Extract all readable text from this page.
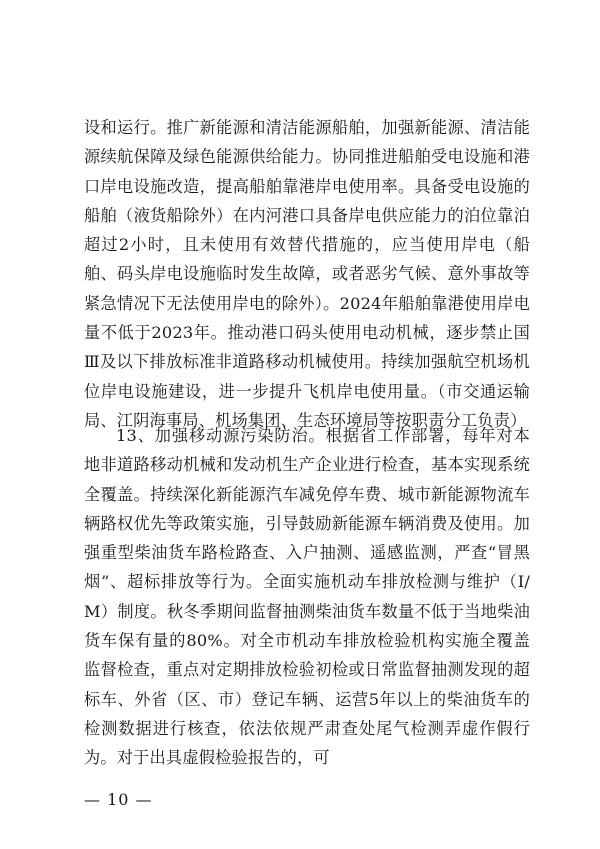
设和运行。推广新能源和清洁能源船舶，加强新能源、清洁能源续航保障及绿色能源供给能力。协同推进船舶受电设施和港口岸电设施改造，提高船舶靠港岸电使用率。具备受电设施的船舶（液货船除外）在内河港口具备岸电供应能力的泊位靠泊超过2小时，且未使用有效替代措施的，应当使用岸电（船舶、码头岸电设施临时发生故障，或者恶劣气候、意外事故等紧急情况下无法使用岸电的除外）。2024年船舶靠港使用岸电量不低于2023年。推动港口码头使用电动机械，逐步禁止国Ⅲ及以下排放标准非道路移动机械使用。持续加强航空机场机位岸电设施建设，进一步提升飞机岸电使用量。（市交通运输局、江阴海事局、机场集团、生态环境局等按职责分工负责）

13、加强移动源污染防治。根据省工作部署，每年对本地非道路移动机械和发动机生产企业进行检查，基本实现系统全覆盖。持续深化新能源汽车减免停车费、城市新能源物流车辆路权优先等政策实施，引导鼓励新能源车辆消费及使用。加强重型柴油货车路检路查、入户抽测、遥感监测，严查“冒黑烟”、超标排放等行为。全面实施机动车排放检测与维护（I/M）制度。秋冬季期间监督抽测柴油货车数量不低于当地柴油货车保有量的80%。对全市机动车排放检验机构实施全覆盖监督检查，重点对定期排放检验初检或日常监督抽测发现的超标车、外省（区、市）登记车辆、运营5年以上的柴油货车的检测数据进行核查，依法依规严肃查处尾气检测弄虚作假行为。对于出具虚假检验报告的，可

— 10 —
